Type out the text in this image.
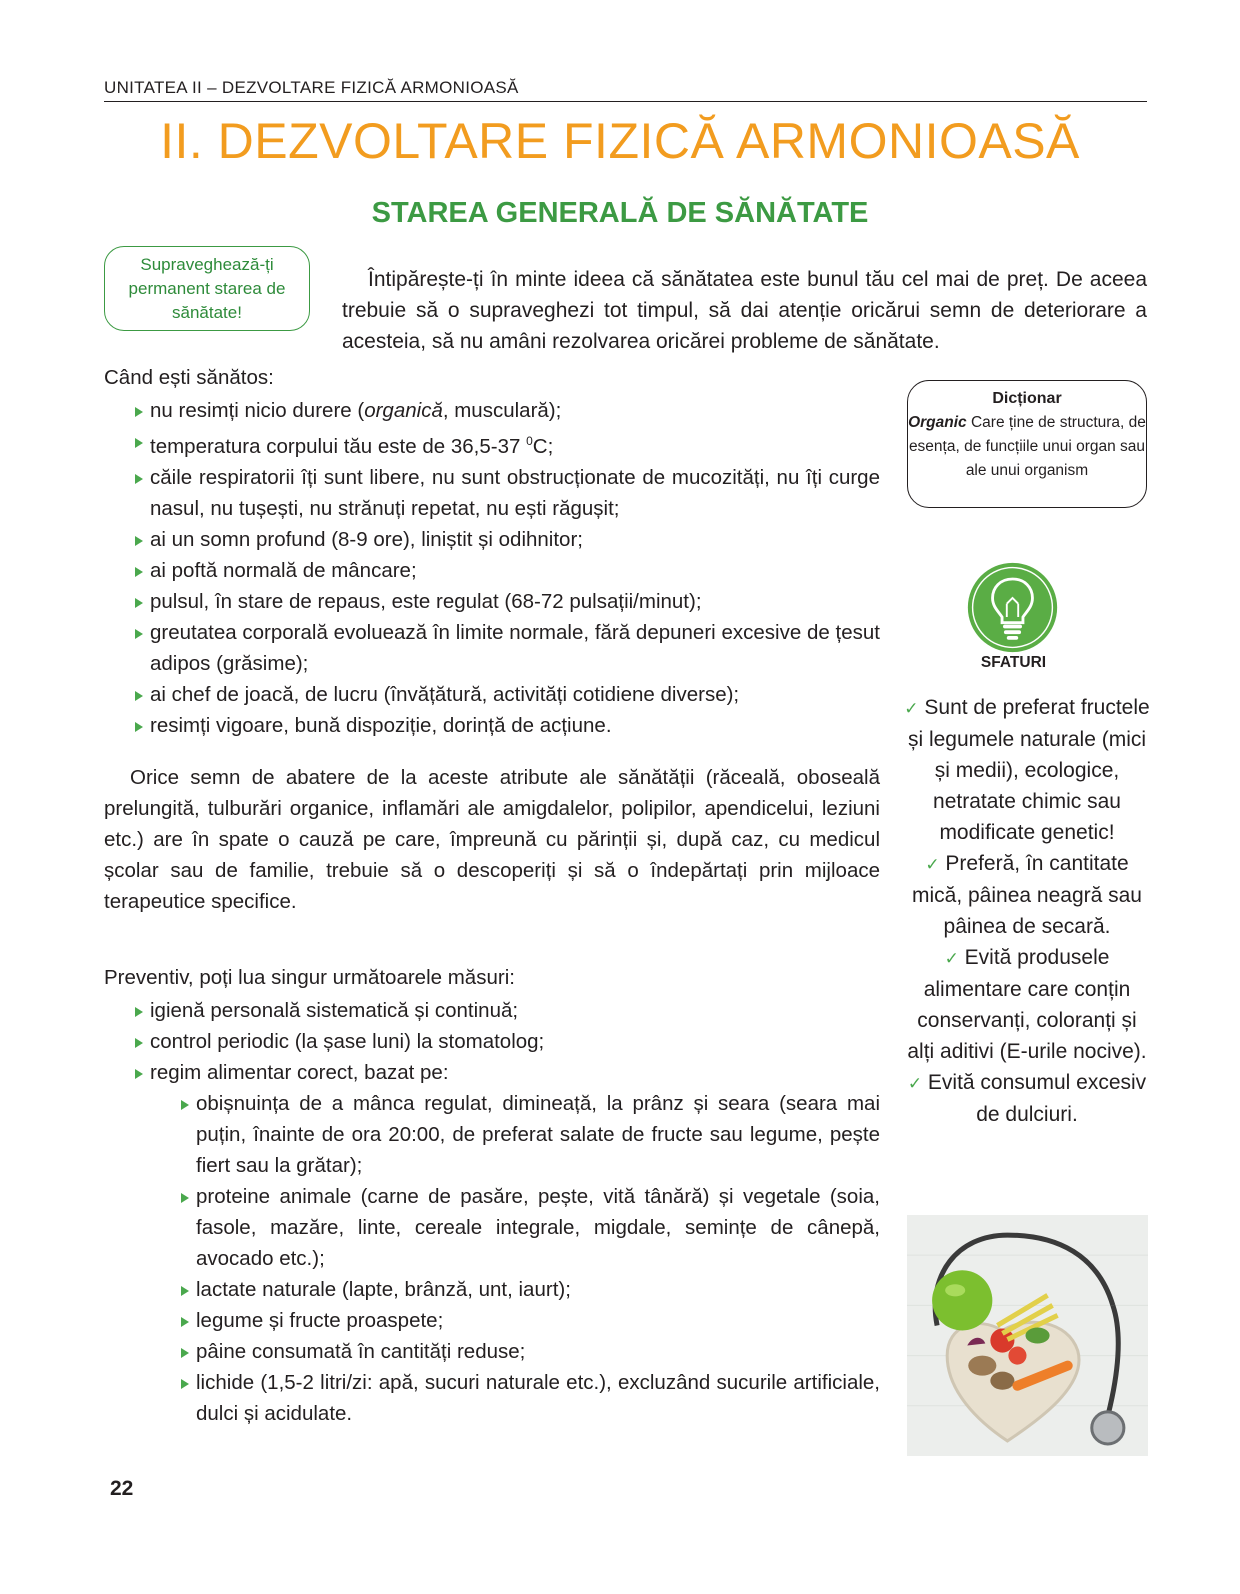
UNITATEA II – DEZVOLTARE FIZICĂ ARMONIOASĂ
II. DEZVOLTARE FIZICĂ ARMONIOASĂ
STAREA GENERALĂ DE SĂNĂTATE
Supraveghează-ți permanent starea de sănătate!
Întipărește-ți în minte ideea că sănătatea este bunul tău cel mai de preț. De aceea trebuie să o supraveghezi tot timpul, să dai atenție oricărui semn de deteriorare a acesteia, să nu amâni rezolvarea oricărei probleme de sănătate.
Când ești sănătos:
nu resimți nicio durere (organică, musculară);
temperatura corpului tău este de 36,5-37 $^0$C;
căile respiratorii îți sunt libere, nu sunt obstrucționate de mucozități, nu îți curge nasul, nu tușești, nu strănuți repetat, nu ești răgușit;
ai un somn profund (8-9 ore), liniștit și odihnitor;
ai poftă normală de mâncare;
pulsul, în stare de repaus, este regulat (68-72 pulsații/minut);
greutatea corporală evoluează în limite normale, fără depuneri excesive de țesut adipos (grăsime);
ai chef de joacă, de lucru (învățătură, activități cotidiene diverse);
resimți vigoare, bună dispoziție, dorință de acțiune.
Orice semn de abatere de la aceste atribute ale sănătății (răceală, oboseală prelungită, tulburări organice, inflamări ale amigdalelor, polipilor, apendicelui, leziuni etc.) are în spate o cauză pe care, împreună cu părinții și, după caz, cu medicul școlar sau de familie, trebuie să o descoperiți și să o îndepărtați prin mijloace terapeutice specifice.
Preventiv, poți lua singur următoarele măsuri:
igienă personală sistematică și continuă;
control periodic (la șase luni) la stomatolog;
regim alimentar corect, bazat pe:
obișnuința de a mânca regulat, dimineață, la prânz și seara (seara mai puțin, înainte de ora 20:00, de preferat salate de fructe sau legume, pește fiert sau la grătar);
proteine animale (carne de pasăre, pește, vită tânără) și vegetale (soia, fasole, mazăre, linte, cereale integrale, migdale, semințe de cânepă, avocado etc.);
lactate naturale (lapte, brânză, unt, iaurt);
legume și fructe proaspete;
pâine consumată în cantități reduse;
lichide (1,5-2 litri/zi: apă, sucuri naturale etc.), excluzând sucurile artificiale, dulci și acidulate.
Dicționar
Organic Care ține de structura, de esența, de funcțiile unui organ sau ale unui organism
SFATURI
✓ Sunt de preferat fructele și legumele naturale (mici și medii), ecologice, netratate chimic sau modificate genetic!
✓ Preferă, în cantitate mică, pâinea neagră sau pâinea de secară.
✓ Evită produsele alimentare care conțin conservanți, coloranți și alți aditivi (E-urile nocive).
✓ Evită consumul excesiv de dulciuri.
22
